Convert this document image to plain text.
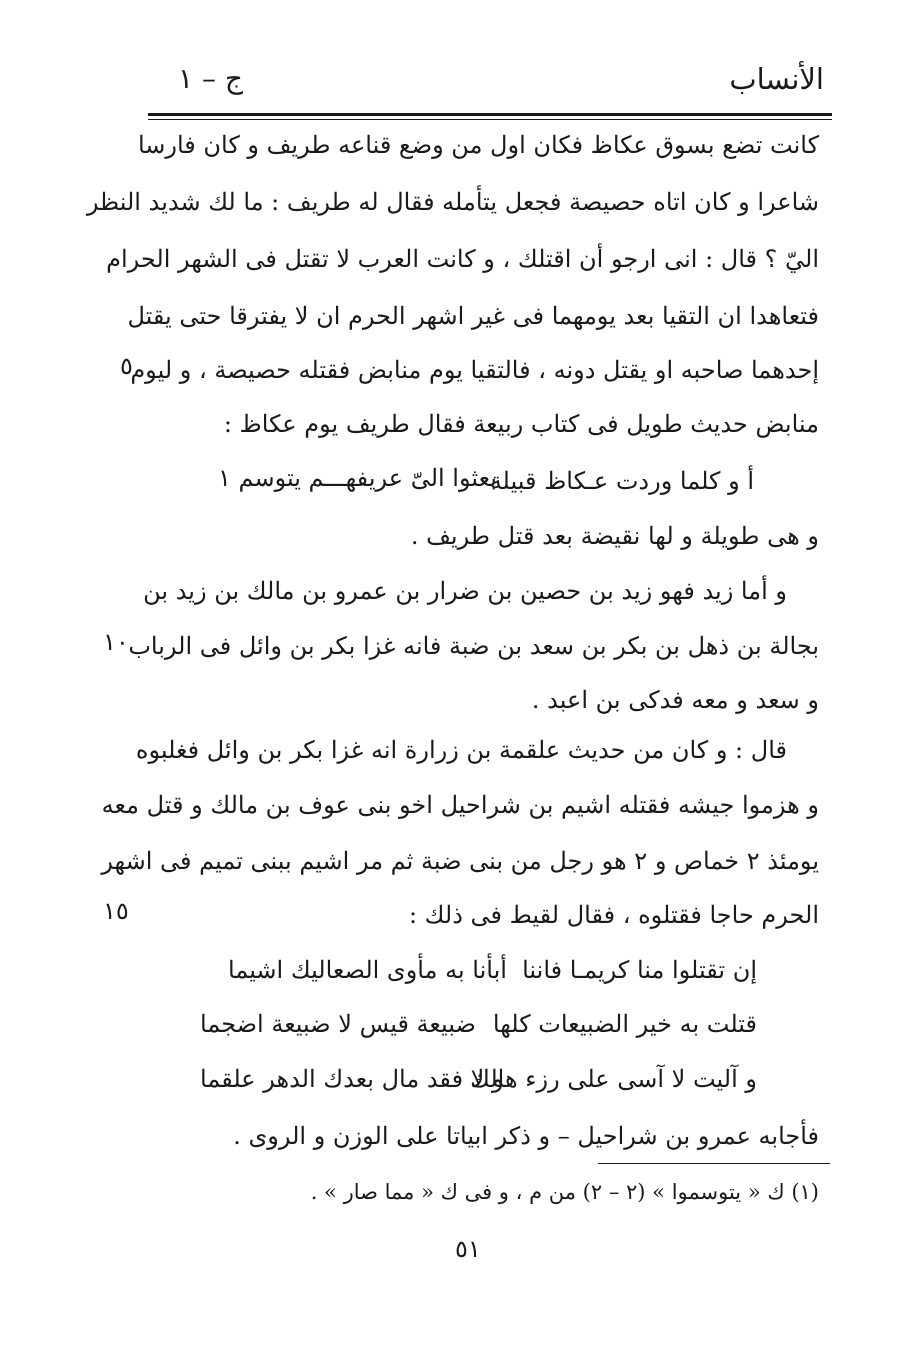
الأنساب
ج – ١
كانت تضع بسوق عكاظ فكان اول من وضع قناعه طريف و كان فارسا
شاعرا و كان اتاه حصيصة فجعل يتأمله فقال له طريف : ما لك شديد النظر
اليّ ؟ قال : انى ارجو أن اقتلك ، و كانت العرب لا تقتل فى الشهر الحرام
فتعاهدا ان التقيا بعد يومهما فى غير اشهر الحرم ان لا يفترقا حتى يقتل
إحدهما صاحبه او يقتل دونه ، فالتقيا يوم منابض فقتله حصيصة ، و ليوم
٥
منابض حديث طويل فى كتاب ربيعة فقال طريف يوم عكاظ :
أ و كلما وردت عـكاظ قبيلة
بعثوا الىّ عريفهـــم يتوسم ١
و هى طويلة و لها نقيضة بعد قتل طريف .
و أما زيد فهو زيد بن حصين بن ضرار بن عمرو بن مالك بن زيد بن
بجالة بن ذهل بن بكر بن سعد بن ضبة فانه غزا بكر بن وائل فى الرباب
١٠
و سعد و معه فدكى بن اعبد .
قال : و كان من حديث علقمة بن زرارة انه غزا بكر بن وائل فغلبوه
و هزموا جيشه فقتله اشيم بن شراحيل اخو بنى عوف بن مالك و قتل معه
يومئذ ٢ خماص و ٢ هو رجل من بنى ضبة ثم مر اشيم ببنى تميم فى اشهر
الحرم حاجا فقتلوه ، فقال لقيط فى ذلك :
١٥
إن تقتلوا منا كريمـا فاننا
أبأنا به مأوى الصعاليك اشيما
قتلت به خير الضبيعات كلها
ضبيعة قيس لا ضبيعة اضجما
و آليت لا آسى على رزء هالك
و لا فقد مال بعدك الدهر علقما
فأجابه عمرو بن شراحيل – و ذكر ابياتا على الوزن و الروى .
(١) ك « يتوسموا » (٢ – ٢) من م ، و فى ك « مما صار » .
٥١
